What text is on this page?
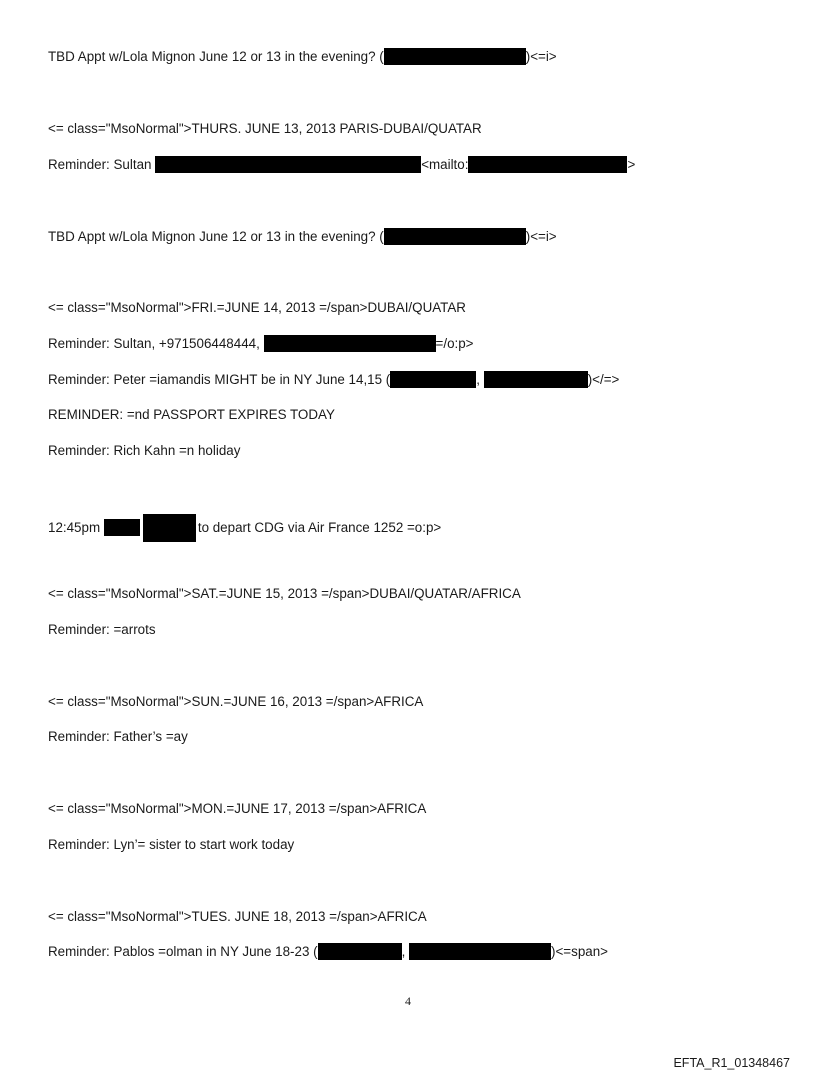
TBD Appt w/Lola Mignon June 12 or 13 in the evening? (	)<=i>
<= class="MsoNormal">THURS. JUNE 13, 2013 PARIS-DUBAI/QUATAR
Reminder: Sultan	<mailto:	>
TBD Appt w/Lola Mignon June 12 or 13 in the evening? (	)<=i>
<= class="MsoNormal">FRI.=JUNE 14, 2013 =/span>DUBAI/QUATAR
Reminder: Sultan, +971506448444,	=/o:p>
Reminder: Peter =iamandis MIGHT be in NY June 14,15 (	,	)</=>
REMINDER: =nd PASSPORT EXPIRES TODAY
Reminder: Rich Kahn =n holiday
12:45pm	to depart CDG via Air France 1252 =o:p>
<= class="MsoNormal">SAT.=JUNE 15, 2013 =/span>DUBAI/QUATAR/AFRICA
Reminder: =arrots
<= class="MsoNormal">SUN.=JUNE 16, 2013 =/span>AFRICA
Reminder: Father’s =ay
<= class="MsoNormal">MON.=JUNE 17, 2013 =/span>AFRICA
Reminder: Lyn’= sister to start work today
<= class="MsoNormal">TUES. JUNE 18, 2013 =/span>AFRICA
Reminder: Pablos =olman in NY June 18-23 (	,	)<=span>
4
EFTA_R1_01348467
